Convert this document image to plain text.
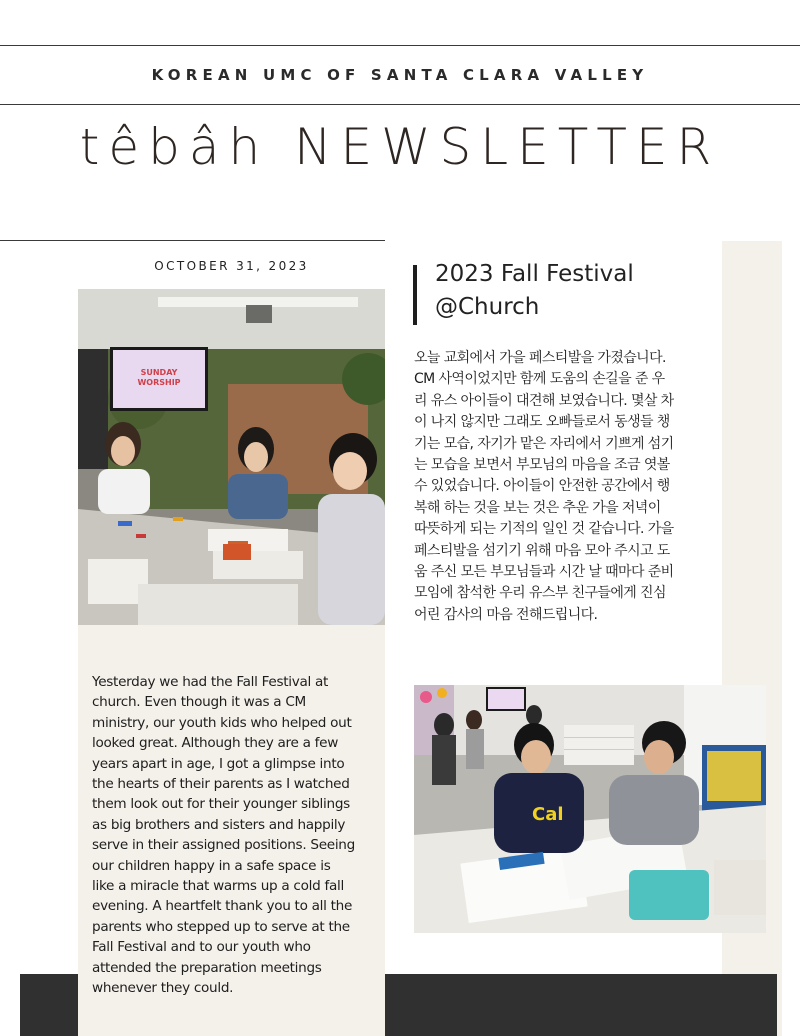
KOREAN UMC OF SANTA CLARA VALLEY
têbâh NEWSLETTER
OCTOBER 31, 2023
SUNDAY
WORSHIP
2023 Fall Festival
@Church
오늘 교회에서 가을 페스티발을 가졌습니다.
CM 사역이었지만 함께 도움의 손길을 준 우
리 유스 아이들이 대견해 보였습니다. 몇살 차
이 나지 않지만 그래도 오빠들로서 동생들 챙
기는 모습, 자기가 맡은 자리에서 기쁘게 섬기
는 모습을 보면서 부모님의 마음을 조금 엿볼
수 있었습니다. 아이들이 안전한 공간에서 행
복해 하는 것을 보는 것은 추운 가을 저녁이
따뜻하게 되는 기적의 일인 것 같습니다. 가을
페스티발을 섬기기 위해 마음 모아 주시고 도
움 주신 모든 부모님들과 시간 날 때마다 준비
모임에 참석한 우리 유스부 친구들에게 진심
어린 감사의 마음 전해드립니다.
Cal
Yesterday we had the Fall Festival at
church. Even though it was a CM
ministry, our youth kids who helped out
looked great. Although they are a few
years apart in age, I got a glimpse into
the hearts of their parents as I watched
them look out for their younger siblings
as big brothers and sisters and happily
serve in their assigned positions. Seeing
our children happy in a safe space is
like a miracle that warms up a cold fall
evening. A heartfelt thank you to all the
parents who stepped up to serve at the
Fall Festival and to our youth who
attended the preparation meetings
whenever they could.
